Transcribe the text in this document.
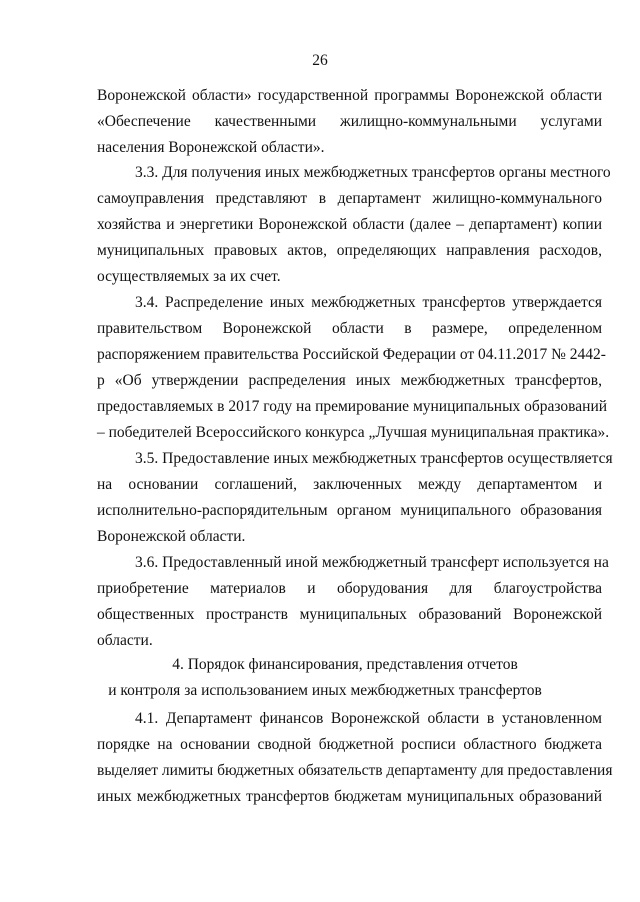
26
Воронежской области» государственной программы Воронежской области
«Обеспечение качественными жилищно-коммунальными услугами
населения Воронежской области».
3.3. Для получения иных межбюджетных трансфертов органы местного
самоуправления представляют в департамент жилищно-коммунального
хозяйства и энергетики Воронежской области (далее – департамент) копии
муниципальных правовых актов, определяющих направления расходов,
осуществляемых за их счет.
3.4. Распределение иных межбюджетных трансфертов утверждается
правительством Воронежской области в размере, определенном
распоряжением правительства Российской Федерации от 04.11.2017 № 2442-
р «Об утверждении распределения иных межбюджетных трансфертов,
предоставляемых в 2017 году на премирование муниципальных образований
– победителей Всероссийского конкурса „Лучшая муниципальная практика».
3.5. Предоставление иных межбюджетных трансфертов осуществляется
на основании соглашений, заключенных между департаментом и
исполнительно-распорядительным органом муниципального образования
Воронежской области.
3.6. Предоставленный иной межбюджетный трансферт используется на
приобретение материалов и оборудования для благоустройства
общественных пространств муниципальных образований Воронежской
области.
4. Порядок финансирования, представления отчетов
и контроля за использованием иных межбюджетных трансфертов
4.1. Департамент финансов Воронежской области в установленном
порядке на основании сводной бюджетной росписи областного бюджета
выделяет лимиты бюджетных обязательств департаменту для предоставления
иных межбюджетных трансфертов бюджетам муниципальных образований
